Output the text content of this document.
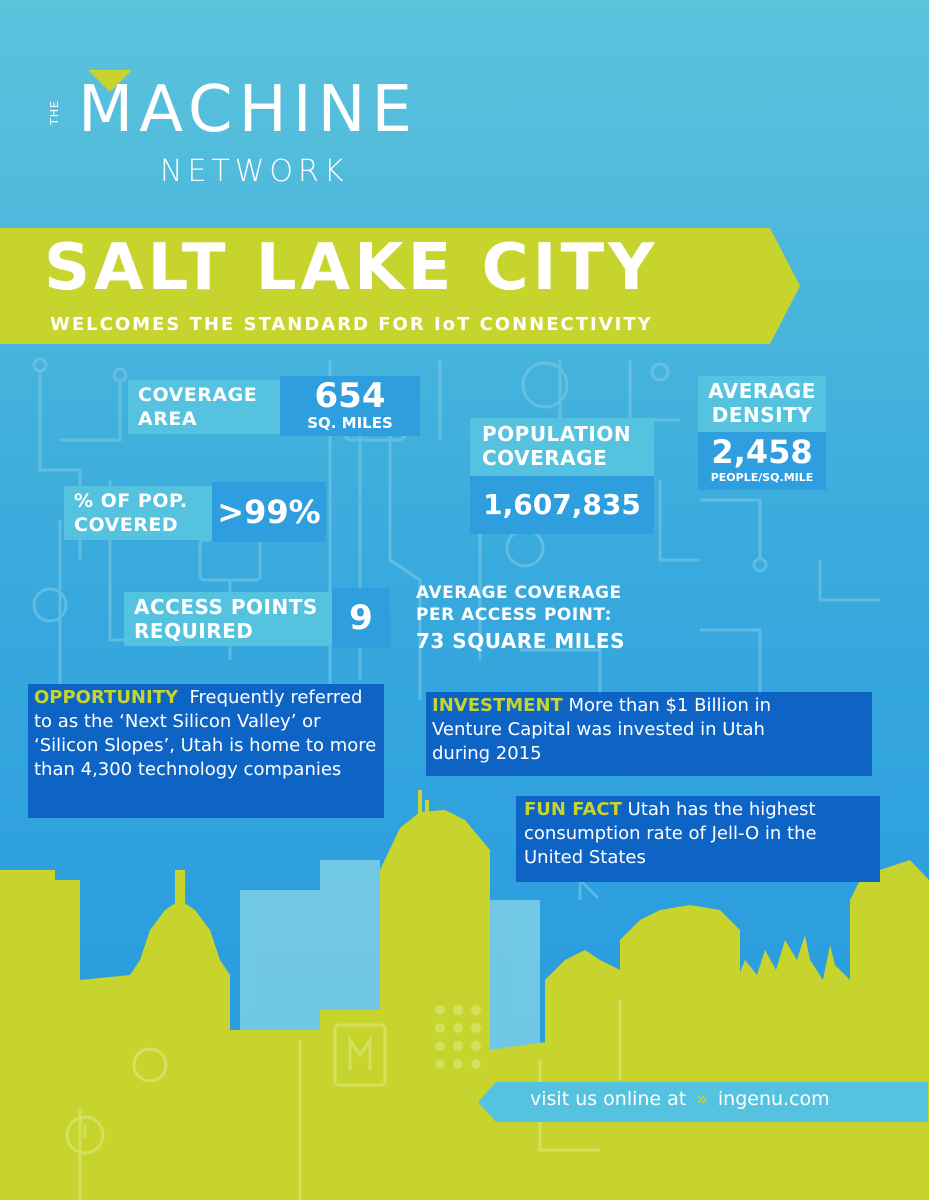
THE MACHINE
NETWORK
SALT LAKE CITY
WELCOMES THE STANDARD FOR IoT CONNECTIVITY
COVERAGE
AREA
654
SQ. MILES
% OF POP.
COVERED	>99%
ACCESS POINTS
REQUIRED	9
AVERAGE COVERAGE
PER ACCESS POINT:
73 SQUARE MILES
POPULATION
COVERAGE
1,607,835
AVERAGE
DENSITY
2,458
PEOPLE/SQ.MILE
OPPORTUNITY Frequently referred to as the ‘Next Silicon Valley’ or ‘Silicon Slopes’, Utah is home to more than 4,300 technology companies
INVESTMENT More than $1 Billion in Venture Capital was invested in Utah during 2015
FUN FACT Utah has the highest consumption rate of Jell-O in the United States
visit us online at » ingenu.com
